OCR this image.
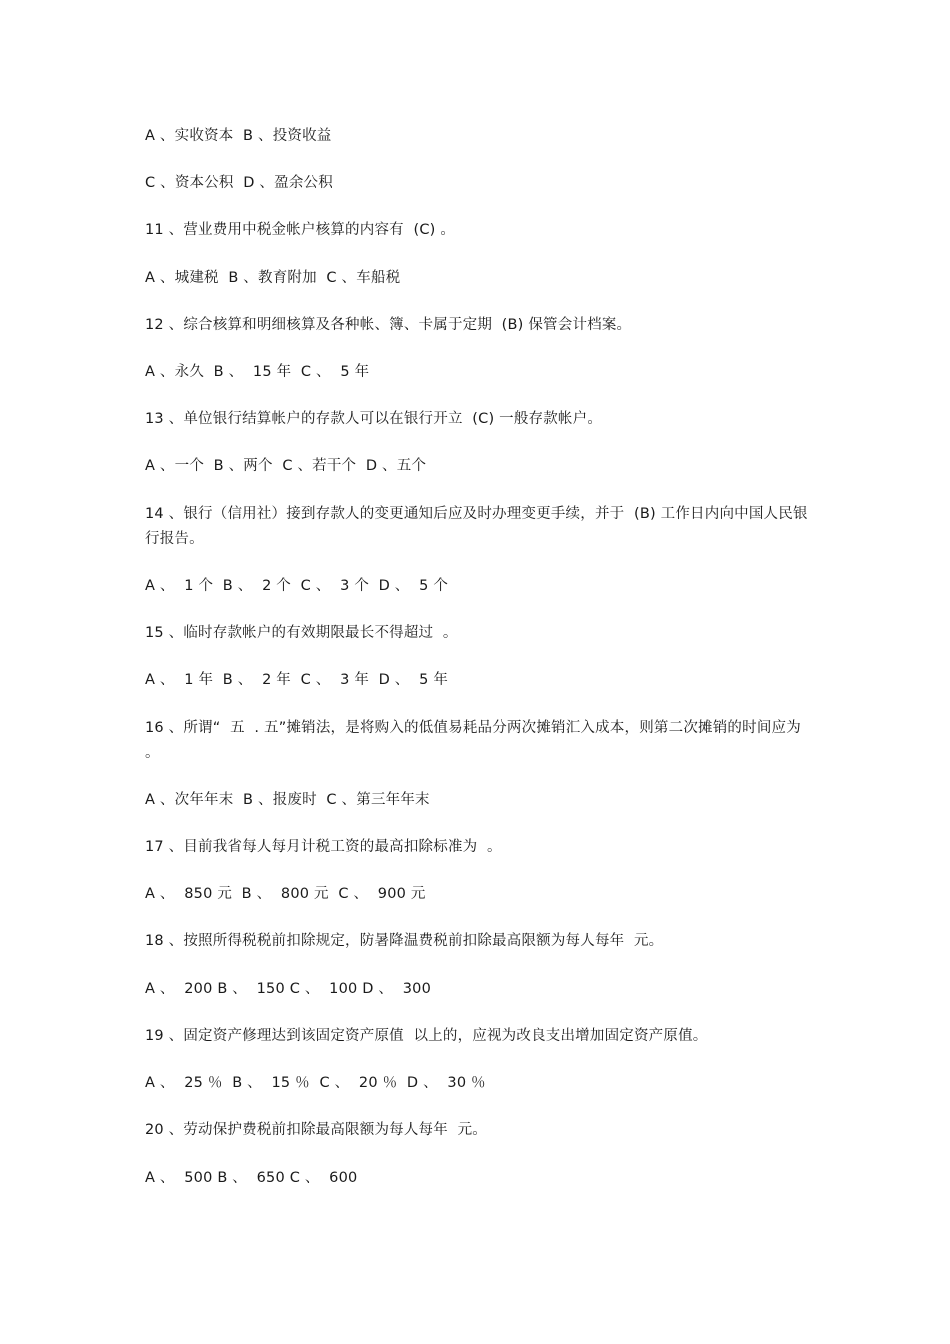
A 、实收资本  B 、投资收益
C 、资本公积  D 、盈余公积
11 、营业费用中税金帐户核算的内容有  (C) 。
A 、城建税  B 、教育附加  C 、车船税
12 、综合核算和明细核算及各种帐、簿、卡属于定期  (B) 保管会计档案。
A 、永久  B 、  15 年  C 、  5 年
13 、单位银行结算帐户的存款人可以在银行开立  (C) 一般存款帐户。
A 、一个  B 、两个  C 、若干个  D 、五个
14 、银行（信用社）接到存款人的变更通知后应及时办理变更手续，并于  (B) 工作日内向中国人民银行报告。
A 、  1 个  B 、  2 个  C 、  3 个  D 、  5 个
15 、临时存款帐户的有效期限最长不得超过  。
A 、  1 年  B 、  2 年  C 、  3 年  D 、  5 年
16 、所谓“  五  . 五”摊销法，是将购入的低值易耗品分两次摊销汇入成本，则第二次摊销的时间应为  。
A 、次年年末  B 、报废时  C 、第三年年末
17 、目前我省每人每月计税工资的最高扣除标准为  。
A 、  850 元  B 、  800 元  C 、  900 元
18 、按照所得税税前扣除规定，防暑降温费税前扣除最高限额为每人每年  元。
A 、  200 B 、  150 C 、  100 D 、  300
19 、固定资产修理达到该固定资产原值  以上的，应视为改良支出增加固定资产原值。
A 、  25 ％  B 、  15 ％  C 、  20 ％  D 、  30 ％
20 、劳动保护费税前扣除最高限额为每人每年  元。
A 、  500 B 、  650 C 、  600
